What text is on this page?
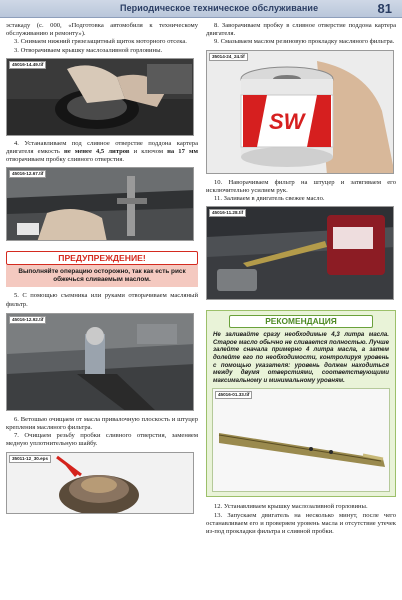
Периодическое техническое обслуживание	81

эстакаду (с. 000, «Подготовка автомобиля к техническому обслуживанию и ремонту»).

3. Снимаем нижний грязезащитный щиток моторного отсека.

3. Отворачиваем крышку маслозаливной горловины.

45016-14.49.tif

4. Устанавливаем под сливное отверстие поддона картера двигателя емкость не менее 4,5 литров и ключом на 17 мм отворачиваем пробку сливного отверстия.

45016-12.67.tif
ПРЕДУПРЕЖДЕНИЕ!
Выполняйте операцию осторожно, так как есть риск обжечься сливаемым маслом.

5. С помощью съемника или руками отворачиваем масляный фильтр.

45016-12.92.tif

6. Ветошью очищаем от масла привалочную плоскость и штуцер крепления масляного фильтра.

7. Очищаем резьбу пробки сливного отверстия, заменяем медную уплотнительную шайбу.

35011-12_30.eps

8. Заворачиваем пробку в сливное отверстие поддона картера двигателя.

9. Смазываем маслом резиновую прокладку масляного фильтра.

SW
35014-24_24.tif

10. Наворачиваем фильтр на штуцер и затягиваем его исключительно усилием рук.

11. Заливаем в двигатель свежее масло.

45016-11.28.tif
РЕКОМЕНДАЦИЯ
Не заливайте сразу необходимые 4,3 литра масла. Старое масло обычно не сливается полностью. Лучше залейте сначала примерно 4 литра масла, а затем долейте его по необходимости, контролируя уровень с помощью указателя: уровень должен находиться между двумя отверстиями, соответствующими максимальному и минимальному уровням.
45016-01.33.tif

12. Устанавливаем крышку маслозаливной горловины.

13. Запускаем двигатель на несколько минут, после чего останавливаем его и проверяем уровень масла и отсутствие утечек из-под прокладки фильтра и сливной пробки.
